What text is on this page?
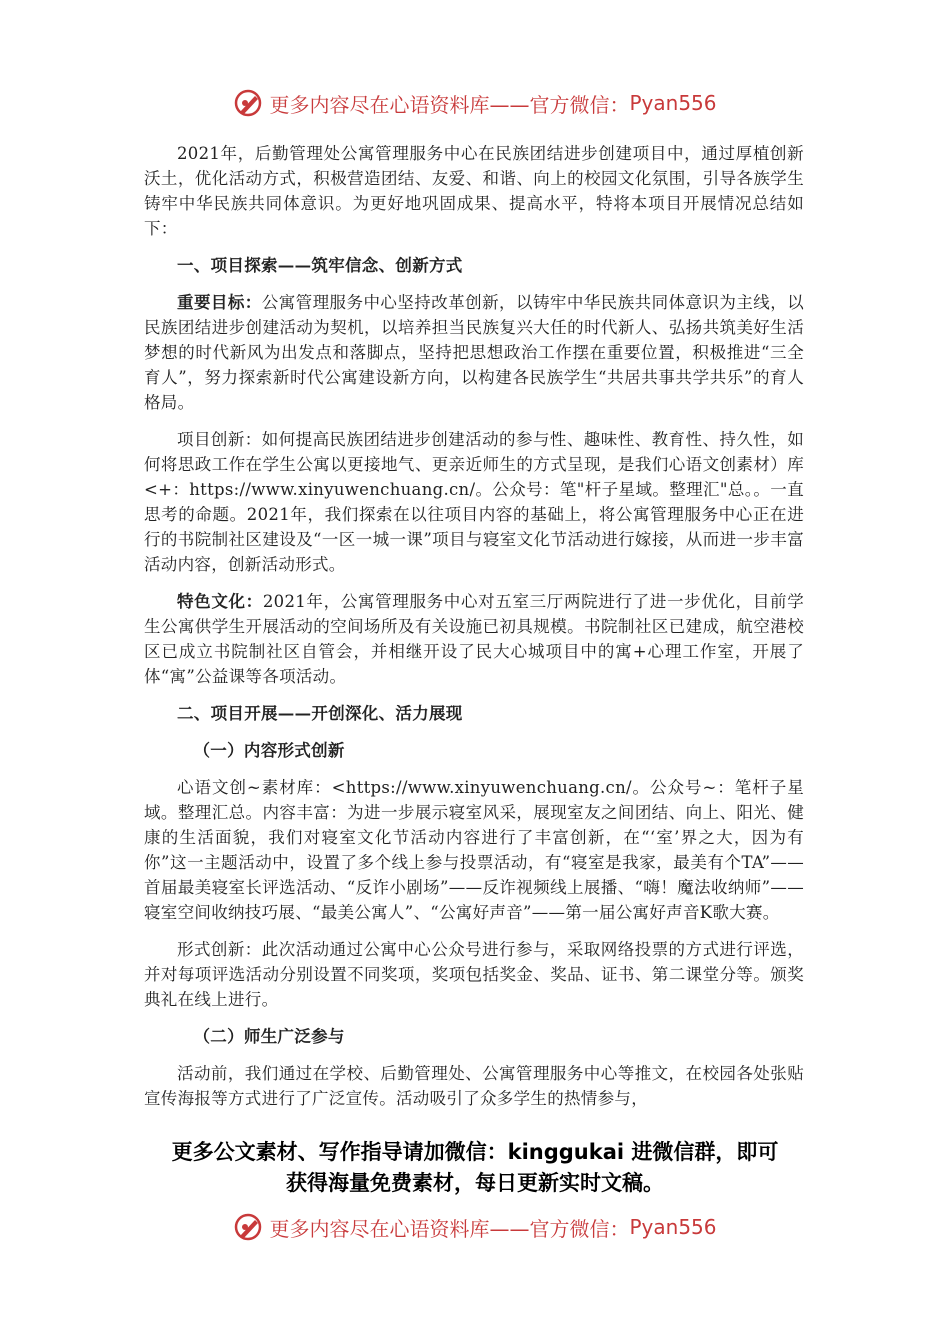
更多内容尽在心语资料库——官方微信： Pyan556

2021年，后勤管理处公寓管理服务中心在民族团结进步创建项目中，通过厚植创新沃土，优化活动方式，积极营造团结、友爱、和谐、向上的校园文化氛围，引导各族学生铸牢中华民族共同体意识。为更好地巩固成果、提高水平，特将本项目开展情况总结如下：

一、项目探索——筑牢信念、创新方式

重要目标：公寓管理服务中心坚持改革创新，以铸牢中华民族共同体意识为主线，以民族团结进步创建活动为契机，以培养担当民族复兴大任的时代新人、弘扬共筑美好生活梦想的时代新风为出发点和落脚点，坚持把思想政治工作摆在重要位置，积极推进“三全育人”，努力探索新时代公寓建设新方向，以构建各民族学生“共居共事共学共乐”的育人格局。

项目创新：如何提高民族团结进步创建活动的参与性、趣味性、教育性、持久性，如何将思政工作在学生公寓以更接地气、更亲近师生的方式呈现，是我们心语文创素材）库<+：https://www.xinyuwenchuang.cn/。公众号：笔"杆子星域。整理汇"总。。一直思考的命题。2021年，我们探索在以往项目内容的基础上，将公寓管理服务中心正在进行的书院制社区建设及“一区一城一课”项目与寝室文化节活动进行嫁接，从而进一步丰富活动内容，创新活动形式。

特色文化：2021年，公寓管理服务中心对五室三厅两院进行了进一步优化，目前学生公寓供学生开展活动的空间场所及有关设施已初具规模。书院制社区已建成，航空港校区已成立书院制社区自管会，并相继开设了民大心城项目中的寓+心理工作室，开展了体“寓”公益课等各项活动。

二、项目开展——开创深化、活力展现
（一）内容形式创新

心语文创~素材库：<https://www.xinyuwenchuang.cn/。公众号~：笔杆子星域。整理汇总。内容丰富：为进一步展示寝室风采，展现室友之间团结、向上、阳光、健康的生活面貌，我们对寝室文化节活动内容进行了丰富创新，在“‘室’界之大，因为有你”这一主题活动中，设置了多个线上参与投票活动，有“寝室是我家，最美有个TA”——首届最美寝室长评选活动、“反诈小剧场”——反诈视频线上展播、“嗨！魔法收纳师”——寝室空间收纳技巧展、“最美公寓人”、“公寓好声音”——第一届公寓好声音K歌大赛。

形式创新：此次活动通过公寓中心公众号进行参与，采取网络投票的方式进行评选，并对每项评选活动分别设置不同奖项，奖项包括奖金、奖品、证书、第二课堂分等。颁奖典礼在线上进行。

（二）师生广泛参与

活动前，我们通过在学校、后勤管理处、公寓管理服务中心等推文，在校园各处张贴宣传海报等方式进行了广泛宣传。活动吸引了众多学生的热情参与，

更多公文素材、写作指导请加微信：kinggukai 进微信群，即可
获得海量免费素材，每日更新实时文稿。
更多内容尽在心语资料库——官方微信： Pyan556
